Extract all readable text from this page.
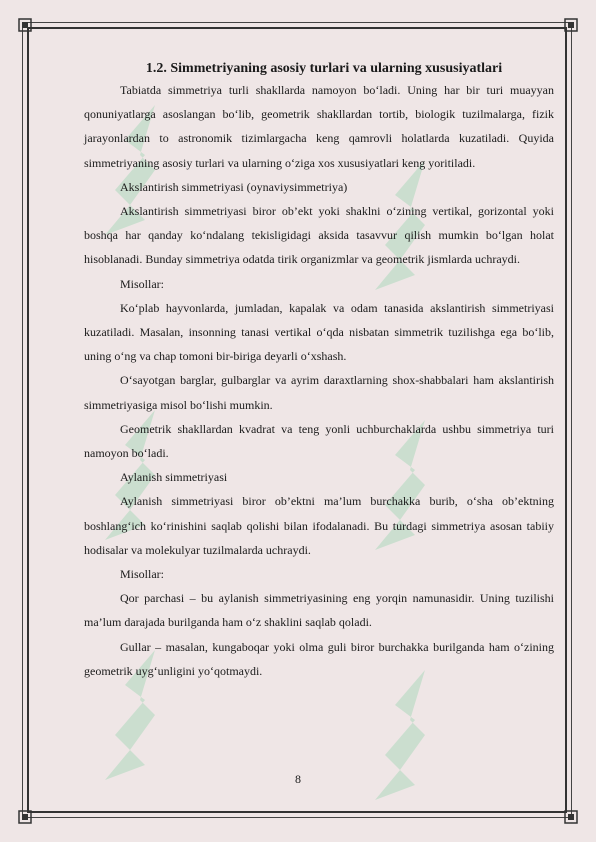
1.2. Simmetriyaning asosiy turlari va ularning xususiyatlari

Tabiatda simmetriya turli shakllarda namoyon bo‘ladi. Uning har bir turi muayyan qonuniyatlarga asoslangan bo‘lib, geometrik shakllardan tortib, biologik tuzilmalarga, fizik jarayonlardan to astronomik tizimlargacha keng qamrovli holatlarda kuzatiladi. Quyida simmetriyaning asosiy turlari va ularning o‘ziga xos xususiyatlari keng yoritiladi.

Akslantirish simmetriyasi (oynaviysimmetriya)

Akslantirish simmetriyasi biror ob’ekt yoki shaklni o‘zining vertikal, gorizontal yoki boshqa har qanday ko‘ndalang tekisligidagi aksida tasavvur qilish mumkin bo‘lgan holat hisoblanadi. Bunday simmetriya odatda tirik organizmlar va geometrik jismlarda uchraydi.

Misollar:

Ko‘plab hayvonlarda, jumladan, kapalak va odam tanasida akslantirish simmetriyasi kuzatiladi. Masalan, insonning tanasi vertikal o‘qda nisbatan simmetrik tuzilishga ega bo‘lib, uning o‘ng va chap tomoni bir-biriga deyarli o‘xshash.

O‘sayotgan barglar, gulbarglar va ayrim daraxtlarning shox-shabbalari ham akslantirish simmetriyasiga misol bo‘lishi mumkin.

Geometrik shakllardan kvadrat va teng yonli uchburchaklarda ushbu simmetriya turi namoyon bo‘ladi.

Aylanish simmetriyasi

Aylanish simmetriyasi biror ob’ektni ma’lum burchakka burib, o‘sha ob’ektning boshlang‘ich ko‘rinishini saqlab qolishi bilan ifodalanadi. Bu turdagi simmetriya asosan tabiiy hodisalar va molekulyar tuzilmalarda uchraydi.

Misollar:

Qor parchasi – bu aylanish simmetriyasining eng yorqin namunasidir. Uning tuzilishi ma’lum darajada burilganda ham o‘z shaklini saqlab qoladi.

Gullar – masalan, kungaboqar yoki olma guli biror burchakka burilganda ham o‘zining geometrik uyg‘unligini yo‘qotmaydi.

8
